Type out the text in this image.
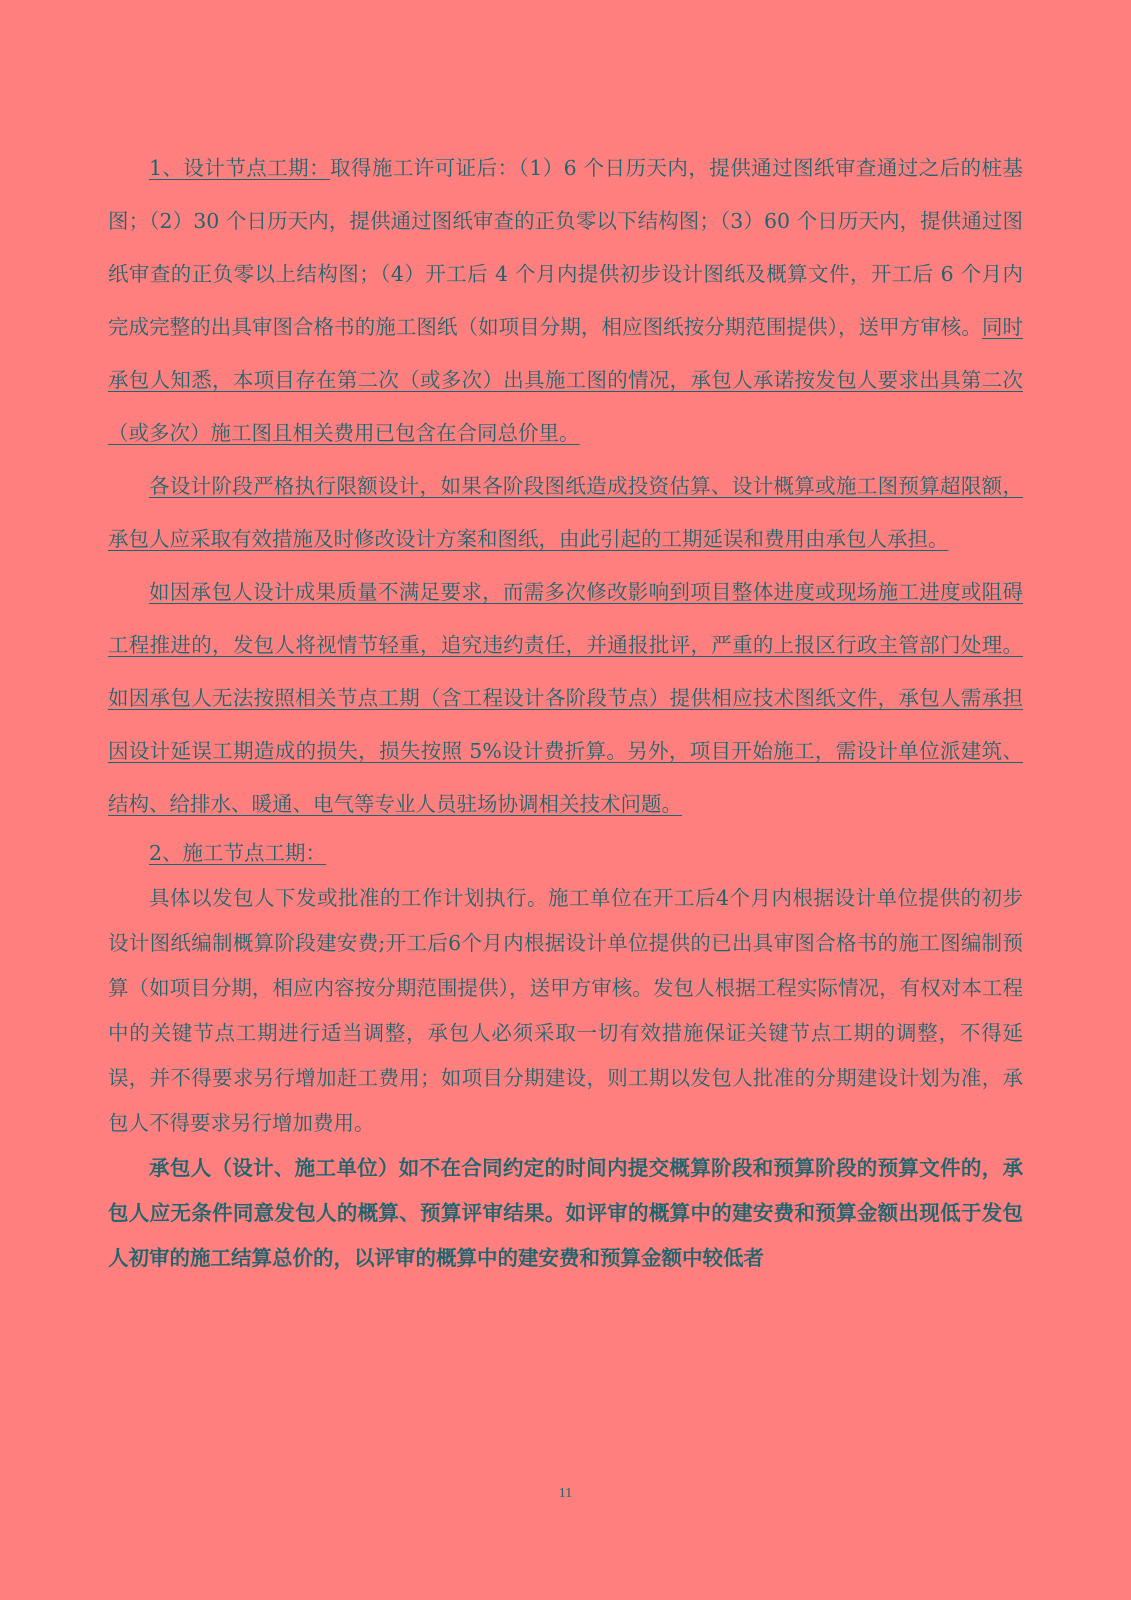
1、设计节点工期：取得施工许可证后：（1）6 个日历天内，提供通过图纸审查通过之后的桩基图；（2）30 个日历天内，提供通过图纸审查的正负零以下结构图；（3）60 个日历天内，提供通过图纸审查的正负零以上结构图；（4）开工后 4 个月内提供初步设计图纸及概算文件，开工后 6 个月内完成完整的出具审图合格书的施工图纸（如项目分期，相应图纸按分期范围提供），送甲方审核。同时承包人知悉，本项目存在第二次（或多次）出具施工图的情况，承包人承诺按发包人要求出具第二次（或多次）施工图且相关费用已包含在合同总价里。

各设计阶段严格执行限额设计，如果各阶段图纸造成投资估算、设计概算或施工图预算超限额，承包人应采取有效措施及时修改设计方案和图纸，由此引起的工期延误和费用由承包人承担。

如因承包人设计成果质量不满足要求，而需多次修改影响到项目整体进度或现场施工进度或阻碍工程推进的，发包人将视情节轻重，追究违约责任，并通报批评，严重的上报区行政主管部门处理。如因承包人无法按照相关节点工期（含工程设计各阶段节点）提供相应技术图纸文件，承包人需承担因设计延误工期造成的损失，损失按照 5%设计费折算。另外，项目开始施工，需设计单位派建筑、结构、给排水、暖通、电气等专业人员驻场协调相关技术问题。

2、施工节点工期：

具体以发包人下发或批准的工作计划执行。施工单位在开工后4个月内根据设计单位提供的初步设计图纸编制概算阶段建安费;开工后6个月内根据设计单位提供的已出具审图合格书的施工图编制预算（如项目分期，相应内容按分期范围提供），送甲方审核。发包人根据工程实际情况，有权对本工程中的关键节点工期进行适当调整，承包人必须采取一切有效措施保证关键节点工期的调整，不得延误，并不得要求另行增加赶工费用；如项目分期建设，则工期以发包人批准的分期建设计划为准，承包人不得要求另行增加费用。

承包人（设计、施工单位）如不在合同约定的时间内提交概算阶段和预算阶段的预算文件的，承包人应无条件同意发包人的概算、预算评审结果。如评审的概算中的建安费和预算金额出现低于发包人初审的施工结算总价的，以评审的概算中的建安费和预算金额中较低者

11
